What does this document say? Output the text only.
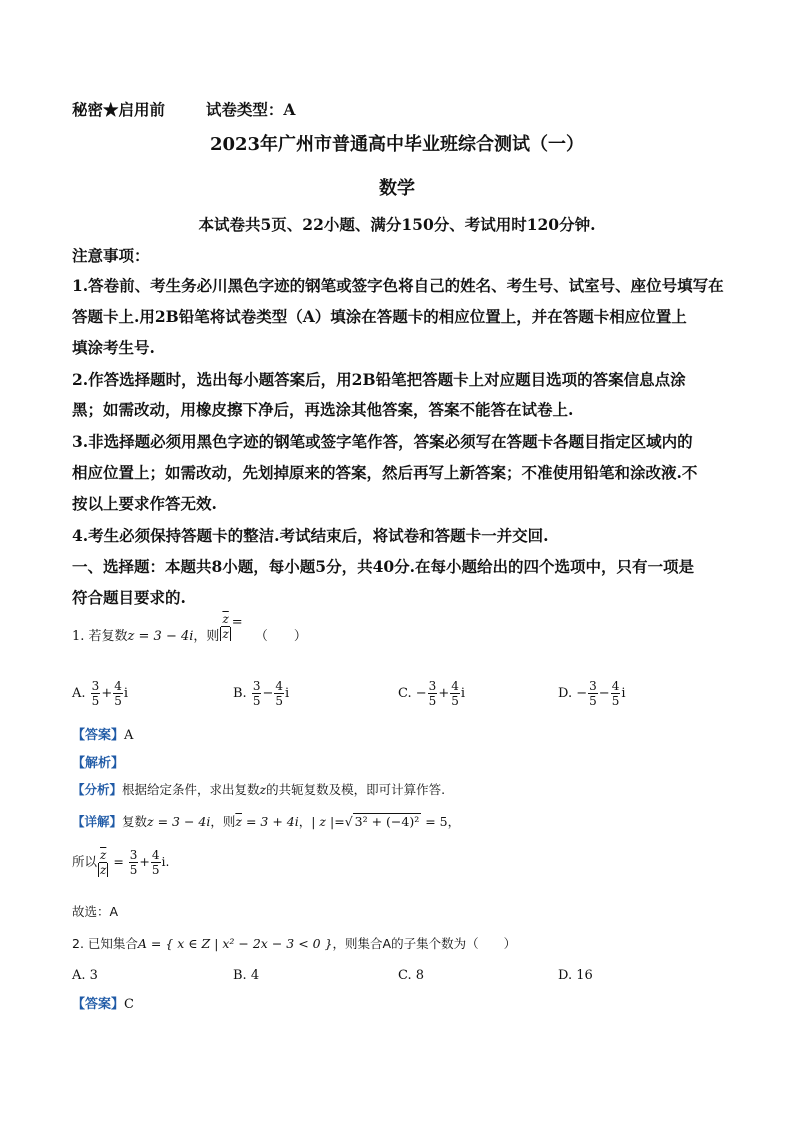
秘密★启用前	试卷类型：A
2023年广州市普通高中毕业班综合测试（一）
数学
本试卷共5页、22小题、满分150分、考试用时120分钟.
注意事项：
1.答卷前、考生务必川黑色字迹的钢笔或签字色将自己的姓名、考生号、试室号、座位号填写在
答题卡上.用2B铅笔将试卷类型（A）填涂在答题卡的相应位置上，并在答题卡相应位置上
填涂考生号.
2.作答选择题时，选出每小题答案后，用2B铅笔把答题卡上对应题目选项的答案信息点涂
黑；如需改动，用橡皮擦下净后，再选涂其他答案，答案不能答在试卷上.
3.非选择题必须用黑色字迹的钢笔或签字笔作答，答案必须写在答题卡各题目指定区域内的
相应位置上；如需改动，先划掉原来的答案，然后再写上新答案；不准使用铅笔和涂改液.不
按以上要求作答无效.
4.考生必须保持答题卡的整洁.考试结束后，将试卷和答题卡一并交回.
一、选择题：本题共8小题，每小题5分，共40分.在每小题给出的四个选项中，只有一项是
符合题目要求的.
1. 若复数z = 3 − 4i，则 $\frac{\overline{z}}{z}$ = （　　）
A. $\frac{3}{5} + \frac{4}{5}$ i	B. $\frac{3}{5} - \frac{4}{5}$ i	C. − $\frac{3}{5} + \frac{4}{5}$ i	D. − $\frac{3}{5} - \frac{4}{5}$ i
【答案】A
【解析】
【分析】根据给定条件，求出复数z的共轭复数及模，即可计算作答.
【详解】复数z = 3 − 4i，则$\overline{z} = 3 + 4i$，| z |=√ 3² + (−4)² = 5，
所以 $\frac{\overline{z}}{z} = \frac{3}{5} + \frac{4}{5} i$.
故选：A
2. 已知集合A = { x ∈ Z | x² − 2x − 3 < 0 }，则集合A的子集个数为（　　）
A. 3	B. 4	C. 8	D. 16
【答案】C
